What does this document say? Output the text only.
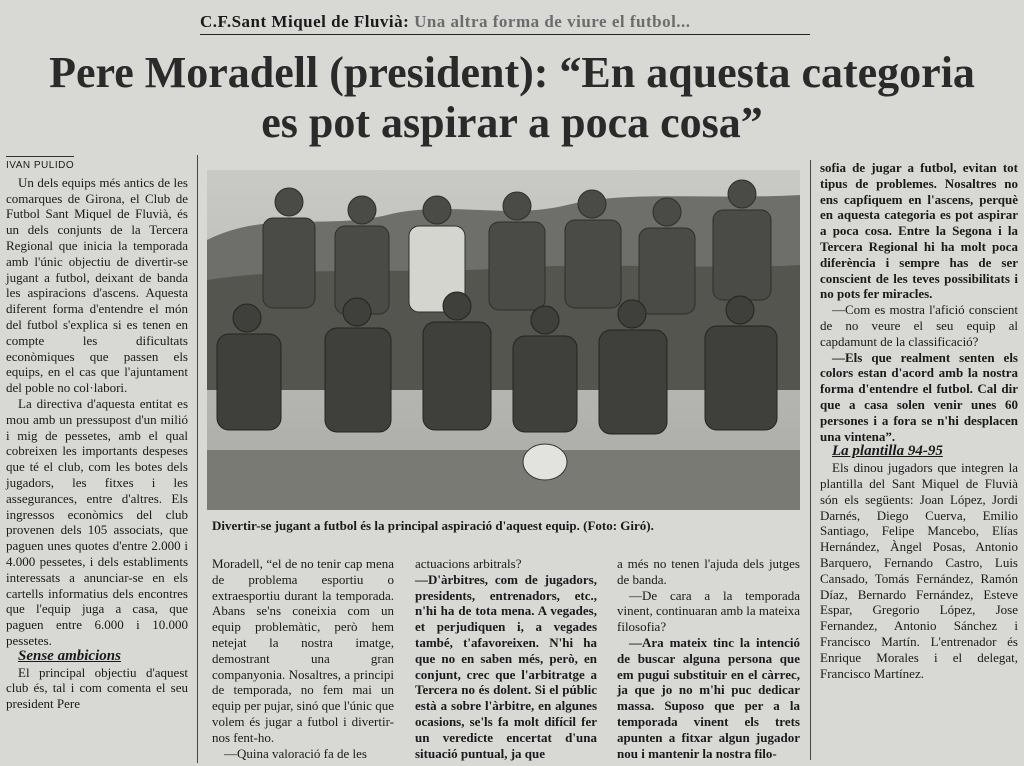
C.F.Sant Miquel de Fluvià: Una altra forma de viure el futbol...
Pere Moradell (president): “En aquesta categoria
es pot aspirar a poca cosa”
IVAN PULIDO

Un dels equips més antics de les comarques de Girona, el Club de Futbol Sant Miquel de Fluvià, és un dels conjunts de la Tercera Regional que inicia la temporada amb l'únic objectiu de divertir-se jugant a futbol, deixant de banda les aspiracions d'ascens. Aquesta diferent forma d'entendre el món del futbol s'explica si es tenen en compte les dificultats econòmiques que passen els equips, en el cas que l'ajuntament del poble no col·labori.

La directiva d'aquesta entitat es mou amb un pressupost d'un milió i mig de pessetes, amb el qual cobreixen les importants despeses que té el club, com les botes dels jugadors, les fitxes i les assegurances, entre d'altres. Els ingressos econòmics del club provenen dels 105 associats, que paguen unes quotes d'entre 2.000 i 4.000 pessetes, i dels establiments interessats a anunciar-se en els cartells informatius dels encontres que l'equip juga a casa, que paguen entre 6.000 i 10.000 pessetes.

Sense ambicions

El principal objectiu d'aquest club és, tal i com comenta el seu president Pere

Divertir-se jugant a futbol és la principal aspiració d'aquest equip. (Foto: Giró).

Moradell, “el de no tenir cap mena de problema esportiu o extraesportiu durant la temporada. Abans se'ns coneixia com un equip problemàtic, però hem netejat la nostra imatge, demostrant una gran companyonia. Nosaltres, a principi de temporada, no fem mai un equip per pujar, sinó que l'únic que volem és jugar a futbol i divertir-nos fent-ho.

—Quina valoració fa de les

actuacions arbitrals?

—D'àrbitres, com de jugadors, presidents, entrenadors, etc., n'hi ha de tota mena. A vegades, et perjudiquen i, a vegades també, t'afavoreixen. N'hi ha que no en saben més, però, en conjunt, crec que l'arbitratge a Tercera no és dolent. Si el públic està a sobre l'àrbitre, en algunes ocasions, se'ls fa molt difícil fer un veredicte encertat d'una situació puntual, ja que

a més no tenen l'ajuda dels jutges de banda.

—De cara a la temporada vinent, continuaran amb la mateixa filosofia?

—Ara mateix tinc la intenció de buscar alguna persona que em pugui substituir en el càrrec, ja que jo no m'hi puc dedicar massa. Suposo que per a la temporada vinent els trets apunten a fitxar algun jugador nou i mantenir la nostra filo-

sofia de jugar a futbol, evitan tot tipus de problemes. Nosaltres no ens capfiquem en l'ascens, perquè en aquesta categoria es pot aspirar a poca cosa. Entre la Segona i la Tercera Regional hi ha molt poca diferència i sempre has de ser conscient de les teves possibilitats i no pots fer miracles.

—Com es mostra l'afició conscient de no veure el seu equip al capdamunt de la classificació?

—Els que realment senten els colors estan d'acord amb la nostra forma d'entendre el futbol. Cal dir que a casa solen venir unes 60 persones i a fora se n'hi desplacen una vintena”.

La plantilla 94-95

Els dinou jugadors que integren la plantilla del Sant Miquel de Fluvià són els següents: Joan López, Jordi Darnés, Diego Cuerva, Emilio Santiago, Felipe Mancebo, Elías Hernández, Àngel Posas, Antonio Barquero, Fernando Castro, Luis Cansado, Tomás Fernández, Ramón Díaz, Bernardo Fernández, Esteve Espar, Gregorio López, Jose Fernandez, Antonio Sánchez i Francisco Martín. L'entrenador és Enrique Morales i el delegat, Francisco Martínez.
